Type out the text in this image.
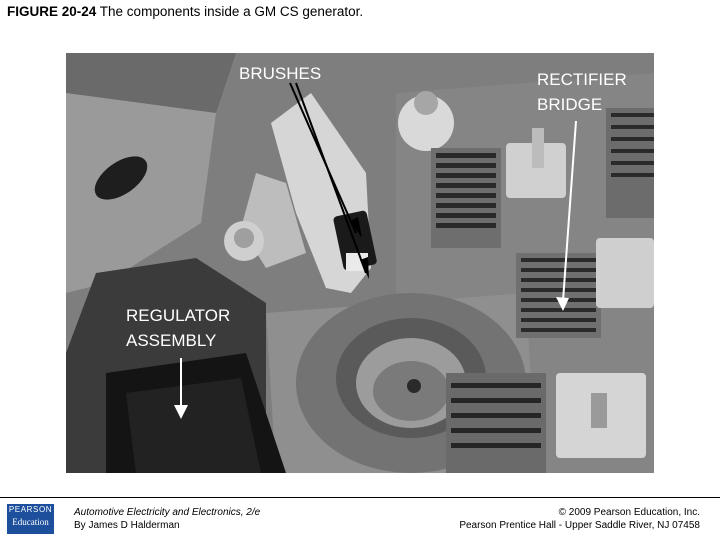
FIGURE 20-24 The components inside a GM CS generator.
BRUSHES	RECTIFIER
BRIDGE
REGULATOR
ASSEMBLY
PEARSON
Education
Automotive Electricity and Electronics, 2/e
By James D Halderman
© 2009 Pearson Education, Inc.
Pearson Prentice Hall - Upper Saddle River, NJ 07458
